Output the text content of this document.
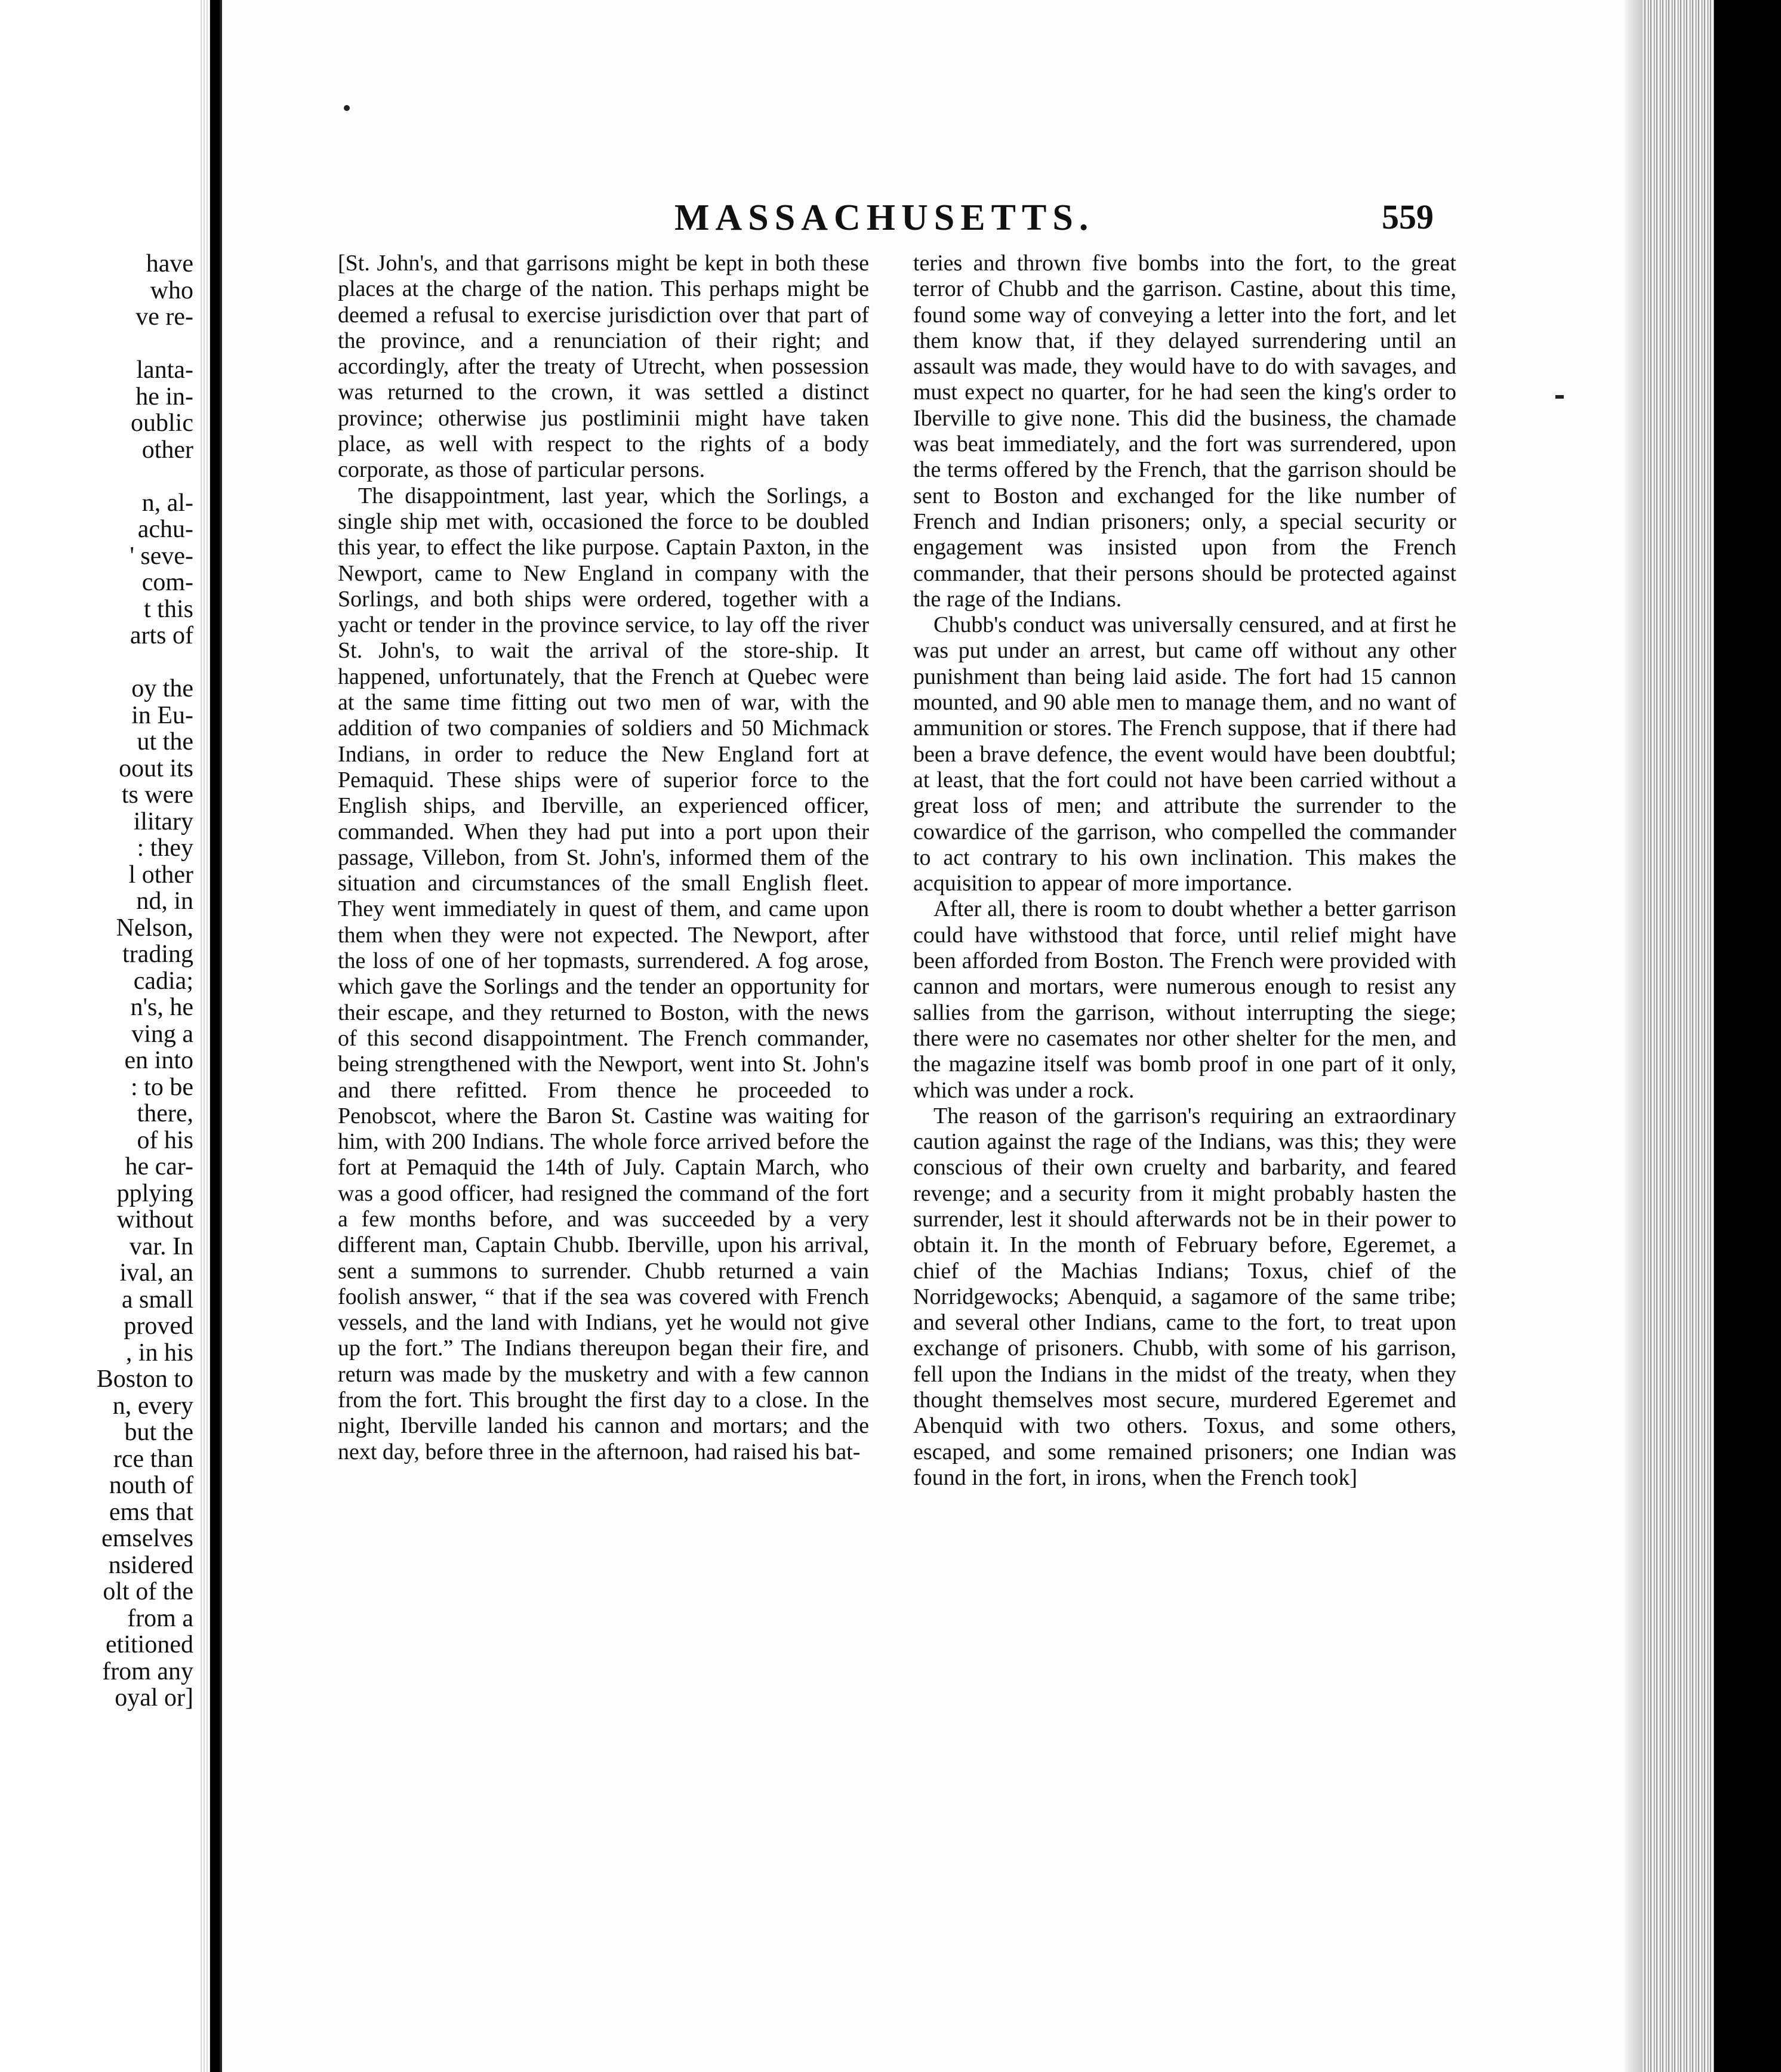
have
who
ve re-

lanta-
he in-
oublic
other

n, al-
achu-
' seve-
com-
t this
arts of

oy the
in Eu-
ut the
oout its
ts were
ilitary
: they
l other
nd, in
Nelson,
trading
cadia;
n's, he
ving a
en into
: to be
there,
of his
he car-
pplying
without
var. In
ival, an
a small
proved
, in his
Boston to
n, every
but the
rce than
nouth of
ems that
emselves
nsidered
olt of the
from a
etitioned
from any
oyal or]
MASSACHUSETTS.	559

[St. John's, and that garrisons might be kept in both these places at the charge of the nation. This perhaps might be deemed a refusal to exercise jurisdiction over that part of the province, and a renunciation of their right; and accordingly, after the treaty of Utrecht, when possession was returned to the crown, it was settled a distinct province; otherwise jus postliminii might have taken place, as well with respect to the rights of a body corporate, as those of particular persons.

The disappointment, last year, which the Sorlings, a single ship met with, occasioned the force to be doubled this year, to effect the like purpose. Captain Paxton, in the Newport, came to New England in company with the Sorlings, and both ships were ordered, together with a yacht or tender in the province service, to lay off the river St. John's, to wait the arrival of the store-ship. It happened, unfortunately, that the French at Quebec were at the same time fitting out two men of war, with the addition of two companies of soldiers and 50 Michmack Indians, in order to reduce the New England fort at Pemaquid. These ships were of superior force to the English ships, and Iberville, an experienced officer, commanded. When they had put into a port upon their passage, Villebon, from St. John's, informed them of the situation and circumstances of the small English fleet. They went immediately in quest of them, and came upon them when they were not expected. The Newport, after the loss of one of her topmasts, surrendered. A fog arose, which gave the Sorlings and the tender an opportunity for their escape, and they returned to Boston, with the news of this second disappointment. The French commander, being strengthened with the Newport, went into St. John's and there refitted. From thence he proceeded to Penobscot, where the Baron St. Castine was waiting for him, with 200 Indians. The whole force arrived before the fort at Pemaquid the 14th of July. Captain March, who was a good officer, had resigned the command of the fort a few months before, and was succeeded by a very different man, Captain Chubb. Iberville, upon his arrival, sent a summons to surrender. Chubb returned a vain foolish answer, “ that if the sea was covered with French vessels, and the land with Indians, yet he would not give up the fort.” The Indians thereupon began their fire, and return was made by the musketry and with a few cannon from the fort. This brought the first day to a close. In the night, Iberville landed his cannon and mortars; and the next day, before three in the afternoon, had raised his bat-

teries and thrown five bombs into the fort, to the great terror of Chubb and the garrison. Castine, about this time, found some way of conveying a letter into the fort, and let them know that, if they delayed surrendering until an assault was made, they would have to do with savages, and must expect no quarter, for he had seen the king's order to Iberville to give none. This did the business, the chamade was beat immediately, and the fort was surrendered, upon the terms offered by the French, that the garrison should be sent to Boston and exchanged for the like number of French and Indian prisoners; only, a special security or engagement was insisted upon from the French commander, that their persons should be protected against the rage of the Indians.

Chubb's conduct was universally censured, and at first he was put under an arrest, but came off without any other punishment than being laid aside. The fort had 15 cannon mounted, and 90 able men to manage them, and no want of ammunition or stores. The French suppose, that if there had been a brave defence, the event would have been doubtful; at least, that the fort could not have been carried without a great loss of men; and attribute the surrender to the cowardice of the garrison, who compelled the commander to act contrary to his own inclination. This makes the acquisition to appear of more importance.

After all, there is room to doubt whether a better garrison could have withstood that force, until relief might have been afforded from Boston. The French were provided with cannon and mortars, were numerous enough to resist any sallies from the garrison, without interrupting the siege; there were no casemates nor other shelter for the men, and the magazine itself was bomb proof in one part of it only, which was under a rock.

The reason of the garrison's requiring an extraordinary caution against the rage of the Indians, was this; they were conscious of their own cruelty and barbarity, and feared revenge; and a security from it might probably hasten the surrender, lest it should afterwards not be in their power to obtain it. In the month of February before, Egeremet, a chief of the Machias Indians; Toxus, chief of the Norridgewocks; Abenquid, a sagamore of the same tribe; and several other Indians, came to the fort, to treat upon exchange of prisoners. Chubb, with some of his garrison, fell upon the Indians in the midst of the treaty, when they thought themselves most secure, murdered Egeremet and Abenquid with two others. Toxus, and some others, escaped, and some remained prisoners; one Indian was found in the fort, in irons, when the French took]
